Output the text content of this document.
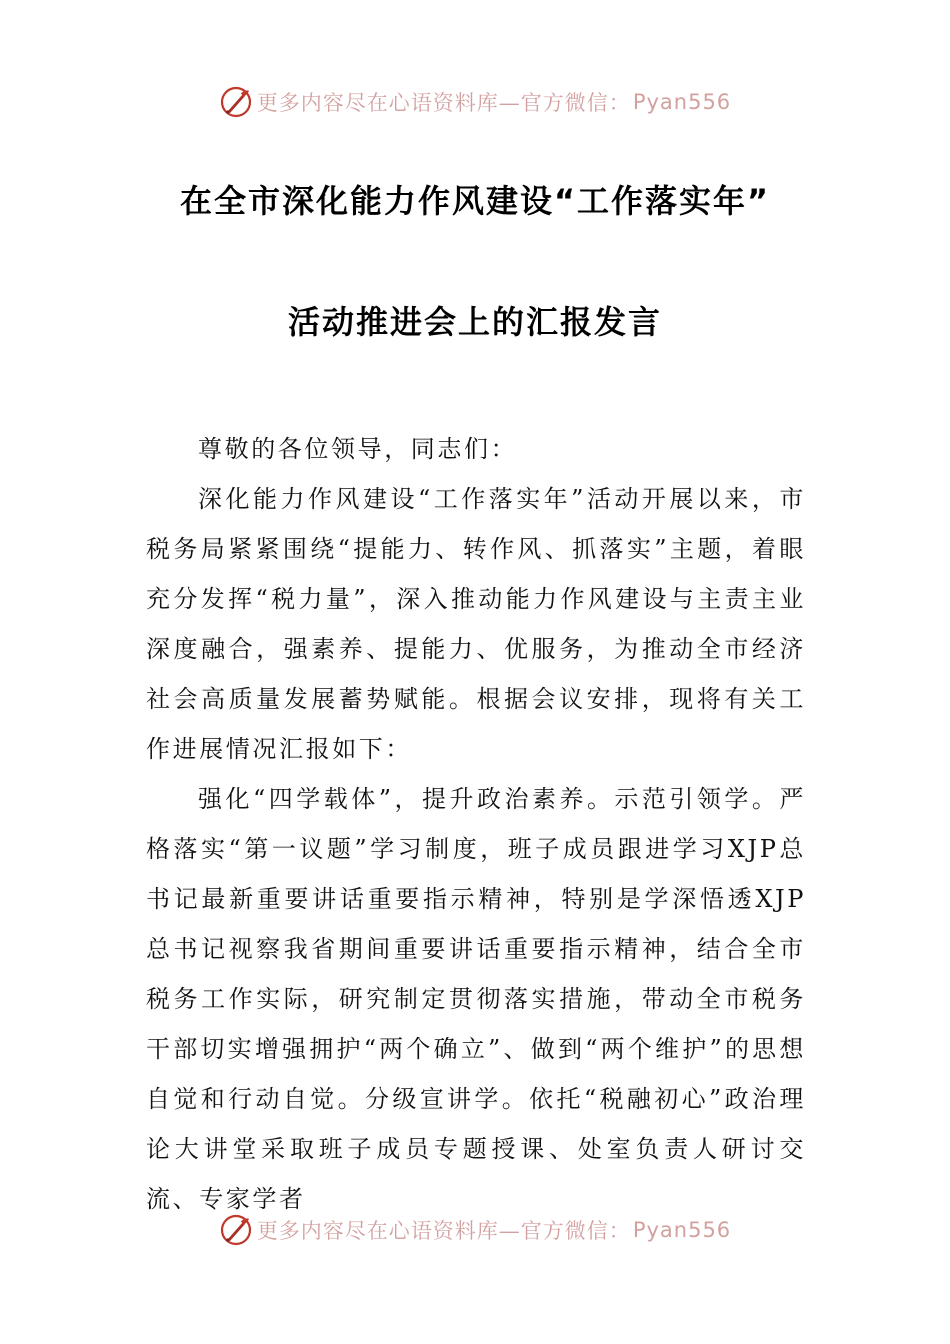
更多内容尽在心语资料库—官方微信： Pyan556
在全市深化能力作风建设“工作落实年”
活动推进会上的汇报发言

尊敬的各位领导，同志们：

深化能力作风建设“工作落实年”活动开展以来，市税务局紧紧围绕“提能力、转作风、抓落实”主题，着眼充分发挥“税力量”，深入推动能力作风建设与主责主业深度融合，强素养、提能力、优服务，为推动全市经济社会高质量发展蓄势赋能。根据会议安排，现将有关工作进展情况汇报如下：

强化“四学载体”，提升政治素养。示范引领学。严格落实“第一议题”学习制度，班子成员跟进学习XJP总书记最新重要讲话重要指示精神，特别是学深悟透XJP总书记视察我省期间重要讲话重要指示精神，结合全市税务工作实际，研究制定贯彻落实措施，带动全市税务干部切实增强拥护“两个确立”、做到“两个维护”的思想自觉和行动自觉。分级宣讲学。依托“税融初心”政治理论大讲堂采取班子成员专题授课、处室负责人研讨交流、专家学者

更多内容尽在心语资料库—官方微信： Pyan556
